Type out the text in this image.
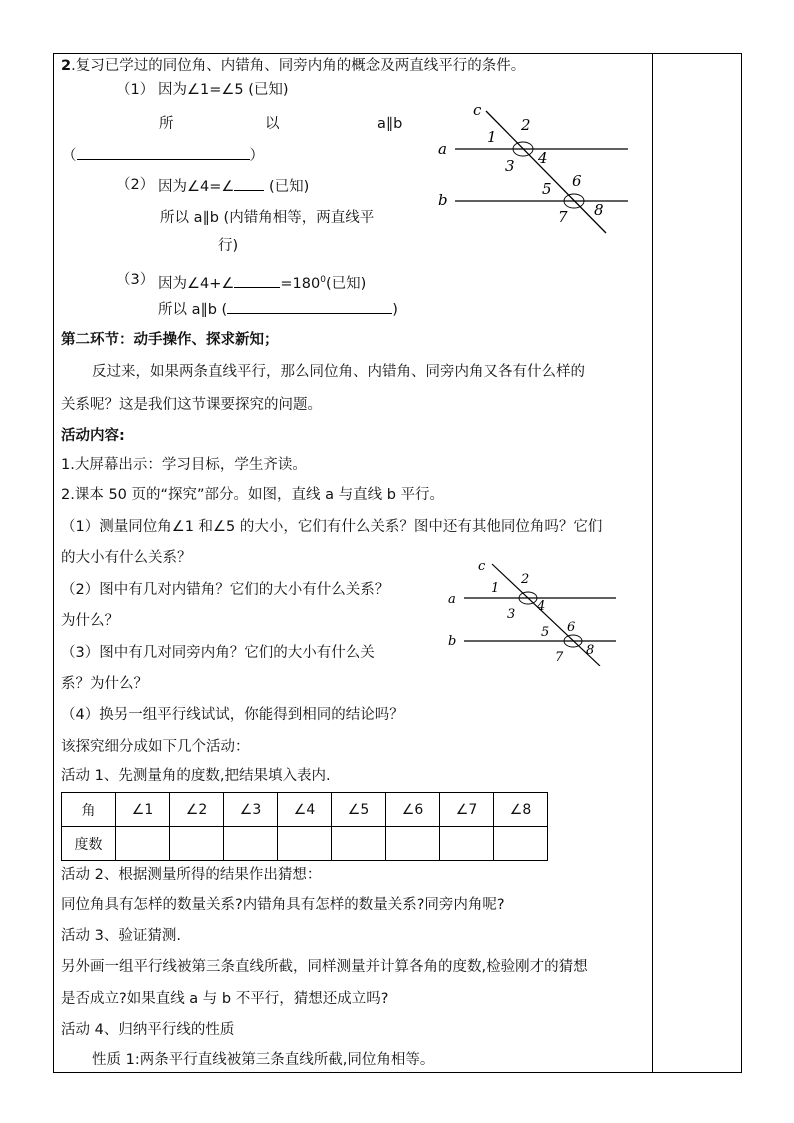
2.复习已学过的同位角、内错角、同旁内角的概念及两直线平行的条件。
（1） 因为∠1=∠5 (已知)
所	以	a∥b
（	）
（2） 因为∠4=∠ (已知)
所以 a∥b (内错角相等，两直线平
行)
（3） 因为∠4+∠	$=180^0$(已知)
所以 a∥b (	)
c
a
b
1
2
3 4
5 6
7 8
第二环节：动手操作、探求新知；
反过来，如果两条直线平行，那么同位角、内错角、同旁内角又各有什么样的
关系呢？这是我们这节课要探究的问题。
活动内容:
1.大屏幕出示：学习目标，学生齐读。
2.课本 50 页的“探究”部分。如图，直线 a 与直线 b 平行。
（1）测量同位角∠1 和∠5 的大小，它们有什么关系？图中还有其他同位角吗？它们
的大小有什么关系？
（2）图中有几对内错角？它们的大小有什么关系？
为什么？
（3）图中有几对同旁内角？它们的大小有什么关
系？为什么？
（4）换另一组平行线试试，你能得到相同的结论吗？
该探究细分成如下几个活动：
活动 1、先测量角的度数,把结果填入表内.
c
a
b
1
2
3
4
5 6
7 8
角	∠1	∠2	∠3	∠4	∠5	∠6	∠7	∠8
度数								
活动 2、根据测量所得的结果作出猜想：
同位角具有怎样的数量关系?内错角具有怎样的数量关系?同旁内角呢?
活动 3、验证猜测.
另外画一组平行线被第三条直线所截，同样测量并计算各角的度数,检验刚才的猜想
是否成立?如果直线 a 与 b 不平行，猜想还成立吗?
活动 4、归纳平行线的性质
性质 1:两条平行直线被第三条直线所截,同位角相等。
